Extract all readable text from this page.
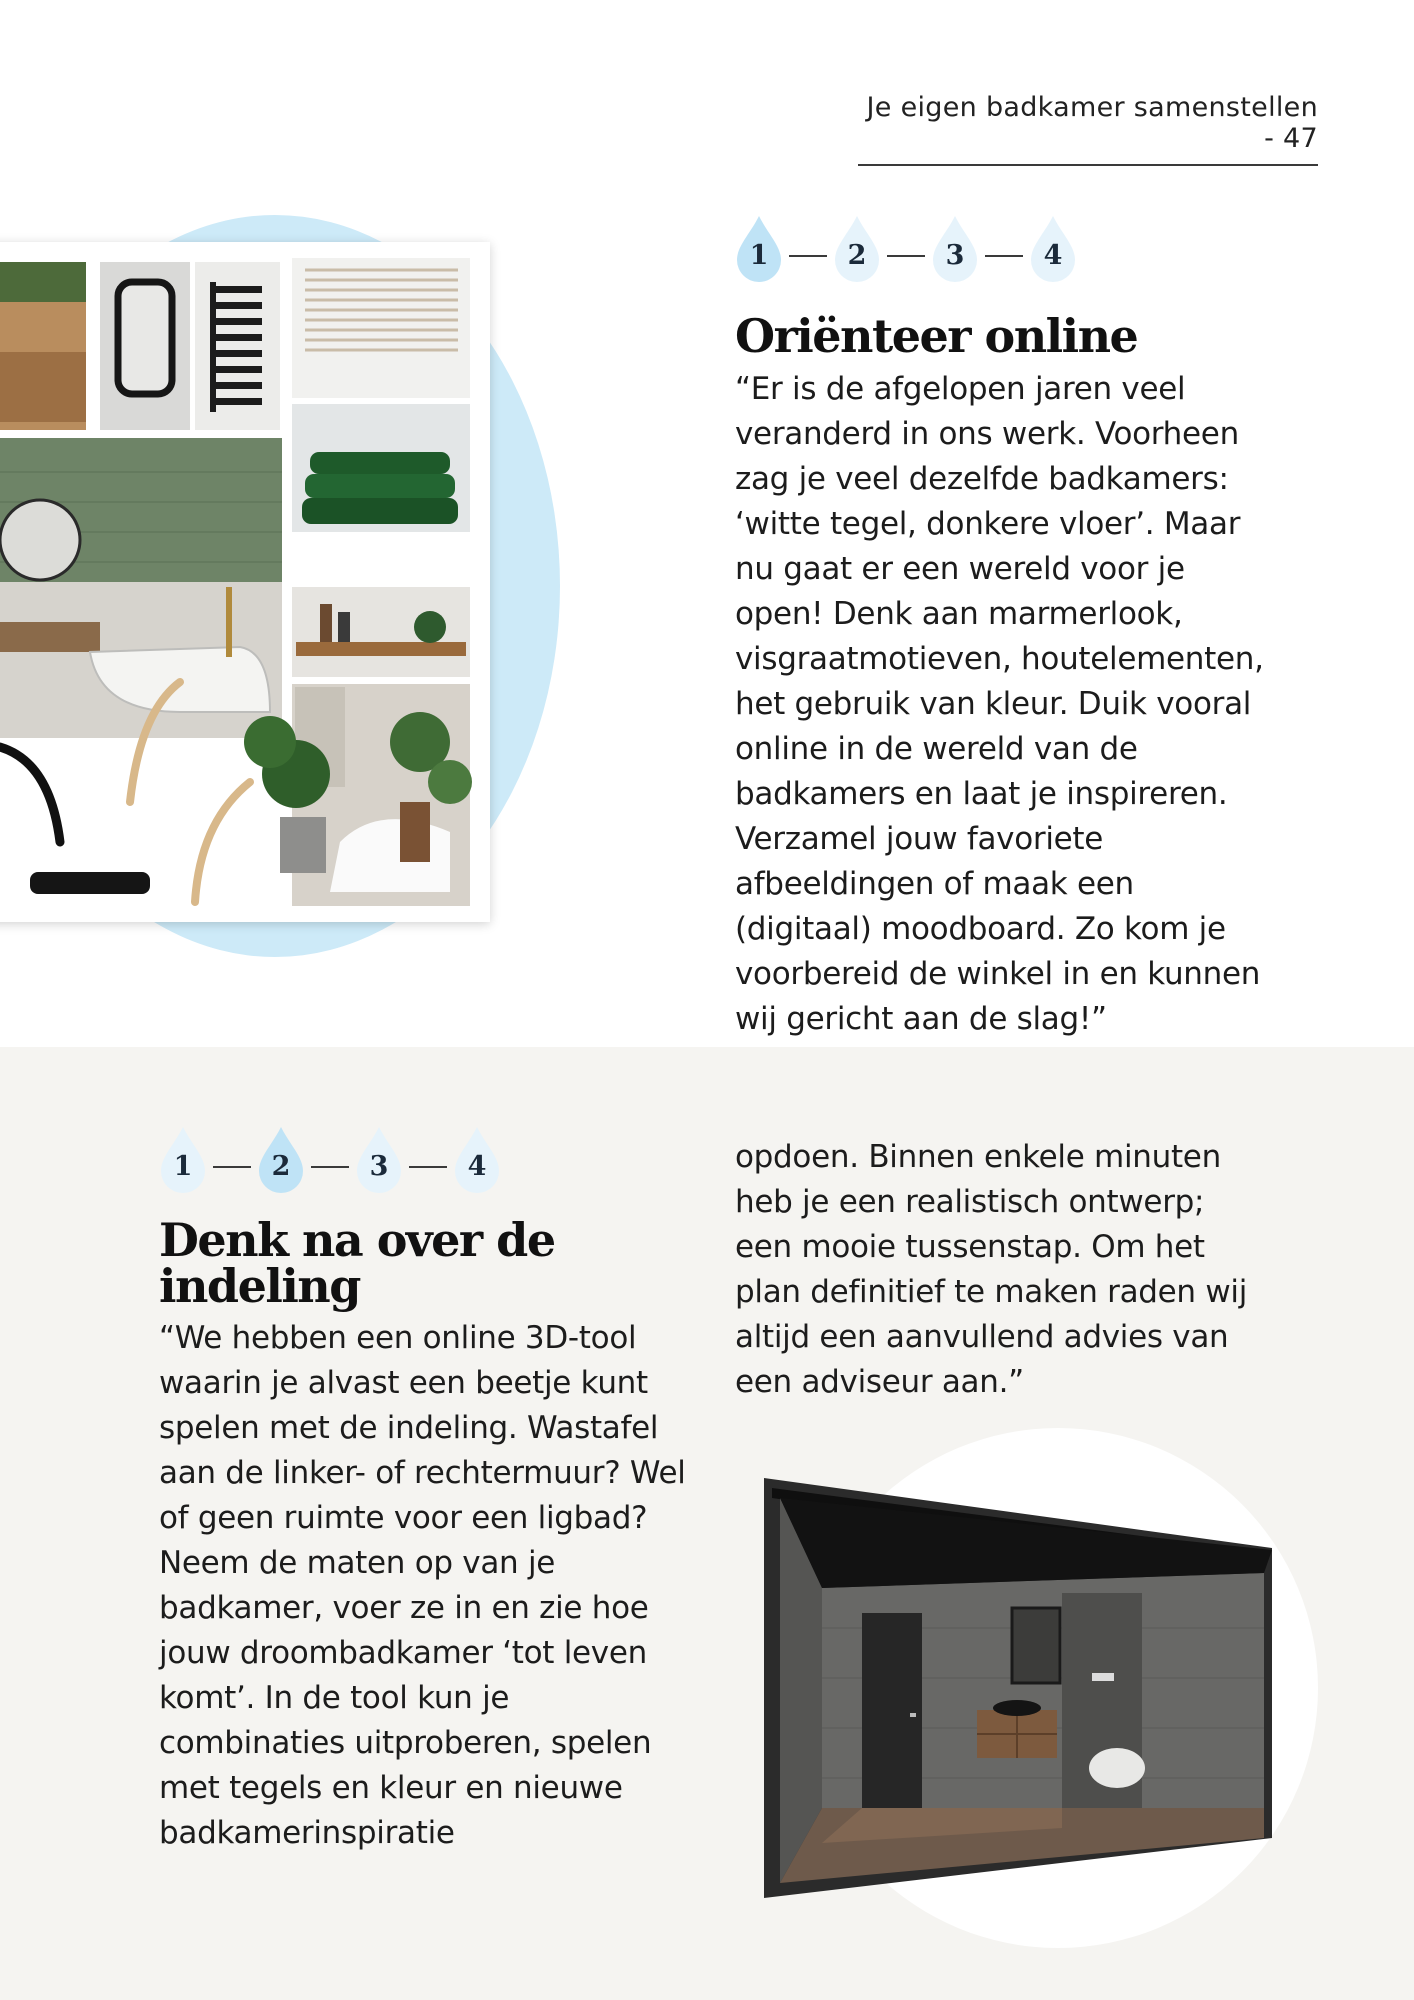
Je eigen badkamer samenstellen - 47
1	2	3	4
Oriënteer online
“Er is de afgelopen jaren veel veranderd in ons werk. Voorheen zag je veel dezelfde badkamers: ‘witte tegel, donkere vloer’. Maar nu gaat er een wereld voor je open! Denk aan marmerlook, visgraatmotieven, houtelementen, het gebruik van kleur. Duik vooral online in de wereld van de badkamers en laat je inspireren. Verzamel jouw favoriete afbeeldingen of maak een (digitaal) moodboard. Zo kom je voorbereid de winkel in en kunnen wij gericht aan de slag!”
1	2	3	4
Denk na over de
indeling
“We hebben een online 3D-tool waarin je alvast een beetje kunt spelen met de indeling. Wastafel aan de linker- of rechtermuur? Wel of geen ruimte voor een ligbad? Neem de maten op van je badkamer, voer ze in en zie hoe jouw droombadkamer ‘tot leven komt’. In de tool kun je combinaties uitproberen, spelen met tegels en kleur en nieuwe badkamerinspiratie
opdoen. Binnen enkele minuten heb je een realistisch ontwerp; een mooie tussenstap. Om het plan definitief te maken raden wij altijd een aanvullend advies van een adviseur aan.”
